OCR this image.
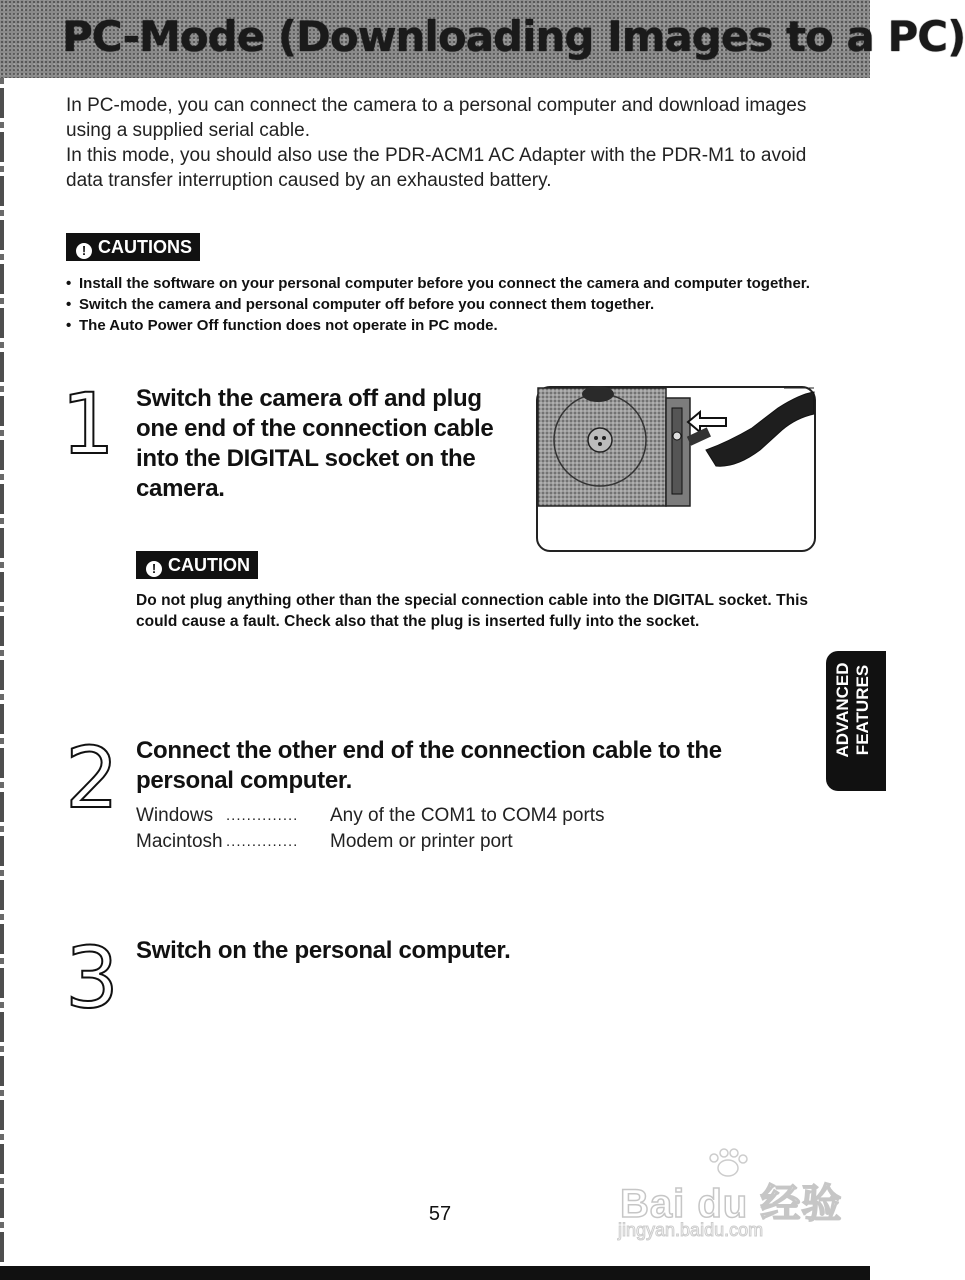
PC-Mode (Downloading Images to a PC)

In PC-mode, you can connect the camera to a personal computer and download images using a supplied serial cable.

In this mode, you should also use the PDR-ACM1 AC Adapter with the PDR-M1 to avoid data transfer interruption caused by an exhausted battery.

! CAUTIONS
• Install the software on your personal computer before you connect the camera and computer together.
• Switch the camera and personal computer off before you connect them together.
• The Auto Power Off function does not operate in PC mode.
1 Switch the camera off and plug one end of the connection cable into the DIGITAL socket on the camera.
! CAUTION
Do not plug anything other than the special connection cable into the DIGITAL socket. This could cause a fault. Check also that the plug is inserted fully into the socket.
2 Connect the other end of the connection cable to the personal computer.
Windows .............. Any of the COM1 to COM4 ports
Macintosh .............. Modem or printer port
3 Switch on the personal computer.
ADVANCED FEATURES
57	Bai du 经验
jingyan.baidu.com
